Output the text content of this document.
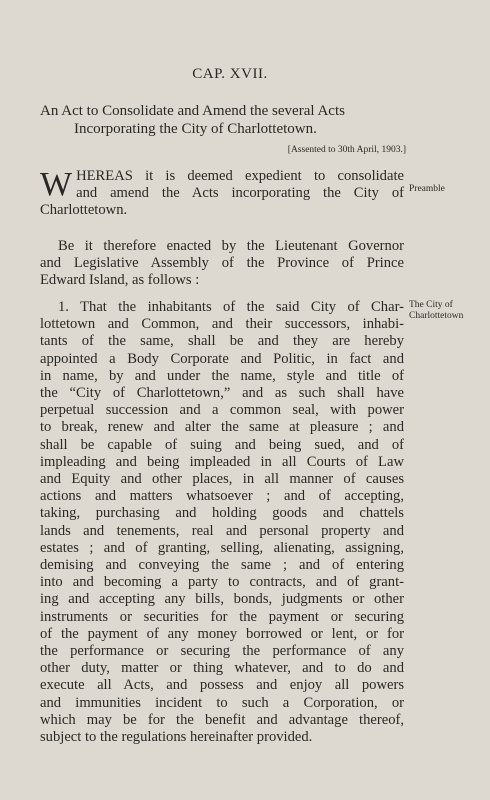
CAP. XVII.
An Act to Consolidate and Amend the several Acts
Incorporating the City of Charlottetown.
[Assented to 30th April, 1903.]
Preamble
The City of
Charlottetown
W HEREAS it is deemed expedient to consolidate
and amend the Acts incorporating the City of
Charlottetown.
Be it therefore enacted by the Lieutenant Governor
and Legislative Assembly of the Province of Prince
Edward Island, as follows :
1. That the inhabitants of the said City of Char-
lottetown and Common, and their successors, inhabi-
tants of the same, shall be and they are hereby
appointed a Body Corporate and Politic, in fact and
in name, by and under the name, style and title of
the “City of Charlottetown,” and as such shall have
perpetual succession and a common seal, with power
to break, renew and alter the same at pleasure ; and
shall be capable of suing and being sued, and of
impleading and being impleaded in all Courts of Law
and Equity and other places, in all manner of causes
actions and matters whatsoever ; and of accepting,
taking, purchasing and holding goods and chattels
lands and tenements, real and personal property and
estates ; and of granting, selling, alienating, assigning,
demising and conveying the same ; and of entering
into and becoming a party to contracts, and of grant-
ing and accepting any bills, bonds, judgments or other
instruments or securities for the payment or securing
of the payment of any money borrowed or lent, or for
the performance or securing the performance of any
other duty, matter or thing whatever, and to do and
execute all Acts, and possess and enjoy all powers
and immunities incident to such a Corporation, or
which may be for the benefit and advantage thereof,
subject to the regulations hereinafter provided.
